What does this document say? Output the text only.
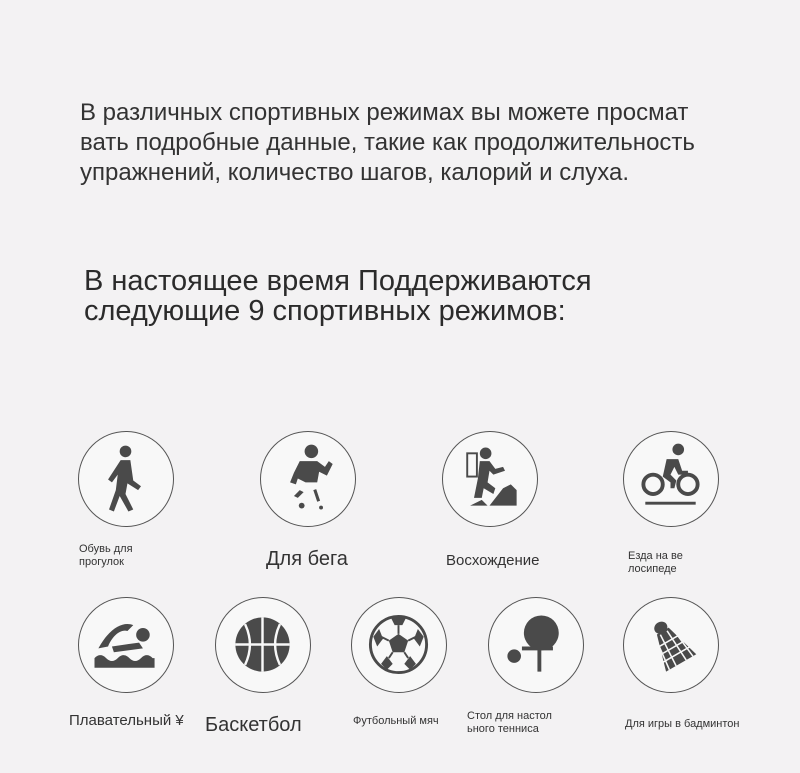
В различных спортивных режимах вы можете просмат
вать подробные данные, такие как продолжительность
упражнений, количество шагов, калорий и слуха.

В настоящее время Поддерживаются
следующие 9 спортивных режимов:
Обувь для
прогулок	Для бега	Восхождение	Езда на ве
лосипеде
Плавательный ¥ Баскетбол	Футбольный мяч	Стол для настол
ьного тенниса	Для игры в бадминтон
